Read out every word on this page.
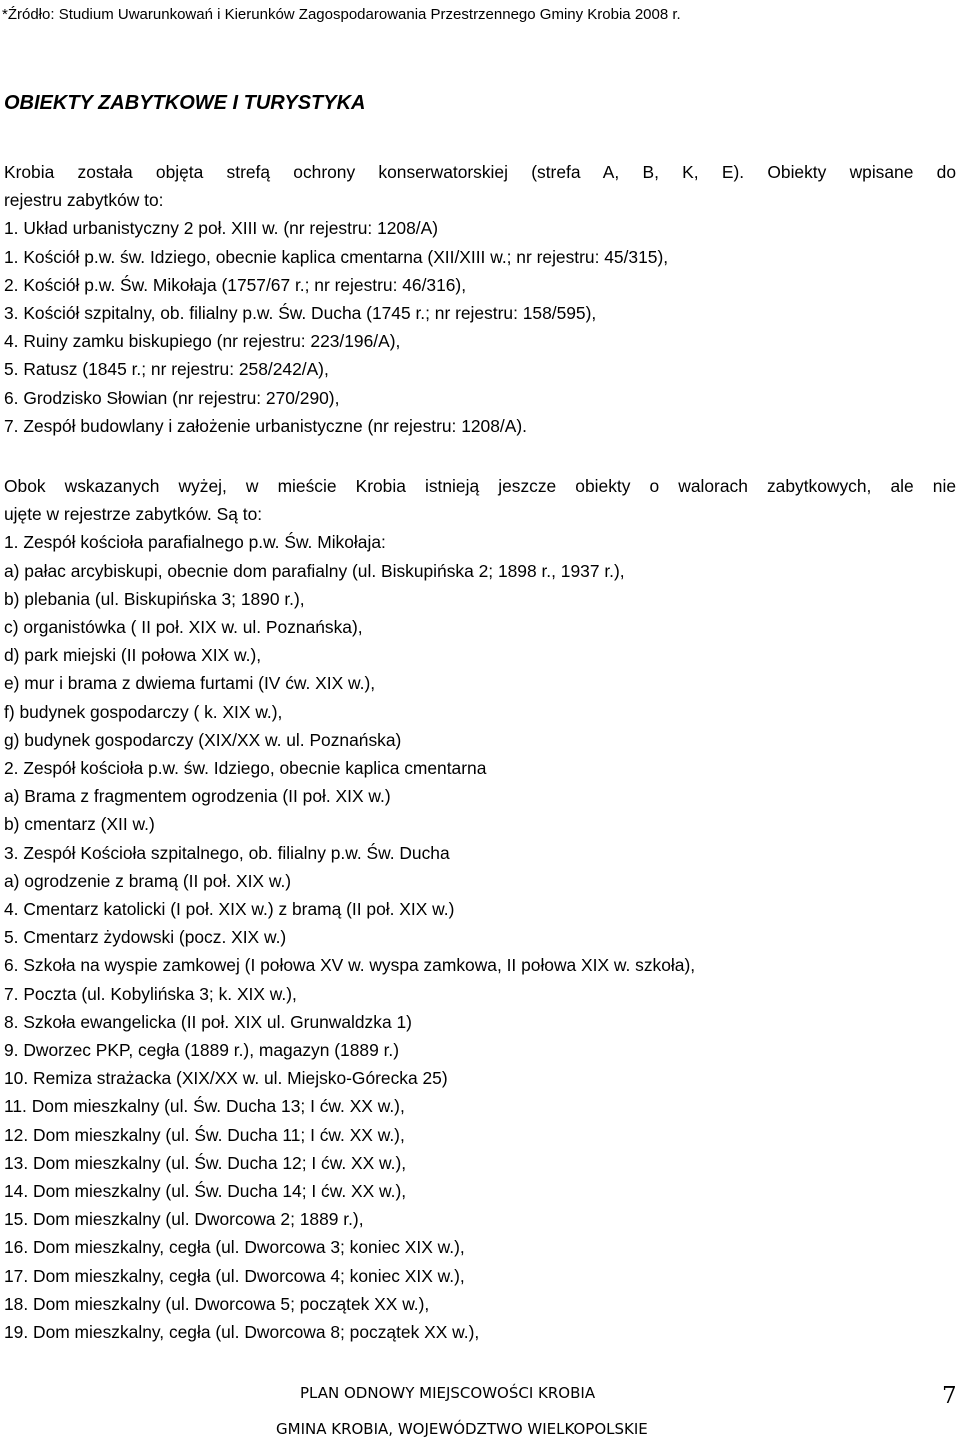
*Źródło: Studium Uwarunkowań i Kierunków Zagospodarowania Przestrzennego Gminy Krobia 2008 r.
OBIEKTY ZABYTKOWE I TURYSTYKA

Krobia została objęta strefą ochrony konserwatorskiej (strefa A, B, K, E). Obiekty wpisane do

rejestru zabytków to:

1. Układ urbanistyczny 2 poł. XIII w. (nr rejestru: 1208/A)

1. Kościół p.w. św. Idziego, obecnie kaplica cmentarna (XII/XIII w.; nr rejestru: 45/315),

2. Kościół p.w. Św. Mikołaja (1757/67 r.; nr rejestru: 46/316),

3. Kościół szpitalny, ob. filialny p.w. Św. Ducha (1745 r.; nr rejestru: 158/595),

4. Ruiny zamku biskupiego (nr rejestru: 223/196/A),

5. Ratusz (1845 r.; nr rejestru: 258/242/A),

6. Grodzisko Słowian (nr rejestru: 270/290),

7. Zespół budowlany i założenie urbanistyczne (nr rejestru: 1208/A).

Obok wskazanych wyżej, w mieście Krobia istnieją jeszcze obiekty o walorach zabytkowych, ale nie

ujęte w rejestrze zabytków. Są to:

1. Zespół kościoła parafialnego p.w. Św. Mikołaja:

a) pałac arcybiskupi, obecnie dom parafialny (ul. Biskupińska 2; 1898 r., 1937 r.),

b) plebania (ul. Biskupińska 3; 1890 r.),

c) organistówka ( II poł. XIX w. ul. Poznańska),

d) park miejski (II połowa XIX w.),

e) mur i brama z dwiema furtami (IV ćw. XIX w.),

f) budynek gospodarczy ( k. XIX w.),

g) budynek gospodarczy (XIX/XX w. ul. Poznańska)

2. Zespół kościoła p.w. św. Idziego, obecnie kaplica cmentarna

a) Brama z fragmentem ogrodzenia (II poł. XIX w.)

b) cmentarz (XII w.)

3. Zespół Kościoła szpitalnego, ob. filialny p.w. Św. Ducha

a) ogrodzenie z bramą (II poł. XIX w.)

4. Cmentarz katolicki (I poł. XIX w.) z bramą (II poł. XIX w.)

5. Cmentarz żydowski (pocz. XIX w.)

6. Szkoła na wyspie zamkowej (I połowa XV w. wyspa zamkowa, II połowa XIX w. szkoła),

7. Poczta (ul. Kobylińska 3; k. XIX w.),

8. Szkoła ewangelicka (II poł. XIX ul. Grunwaldzka 1)

9. Dworzec PKP, cegła (1889 r.), magazyn (1889 r.)

10. Remiza strażacka (XIX/XX w. ul. Miejsko-Górecka 25)

11. Dom mieszkalny (ul. Św. Ducha 13; I ćw. XX w.),

12. Dom mieszkalny (ul. Św. Ducha 11; I ćw. XX w.),

13. Dom mieszkalny (ul. Św. Ducha 12; I ćw. XX w.),

14. Dom mieszkalny (ul. Św. Ducha 14; I ćw. XX w.),

15. Dom mieszkalny (ul. Dworcowa 2; 1889 r.),

16. Dom mieszkalny, cegła (ul. Dworcowa 3; koniec XIX w.),

17. Dom mieszkalny, cegła (ul. Dworcowa 4; koniec XIX w.),

18. Dom mieszkalny (ul. Dworcowa 5; początek XX w.),

19. Dom mieszkalny, cegła (ul. Dworcowa 8; początek XX w.),

PLAN ODNOWY MIEJSCOWOŚCI KROBIA
GMINA KROBIA, WOJEWÓDZTWO WIELKOPOLSKIE
7
